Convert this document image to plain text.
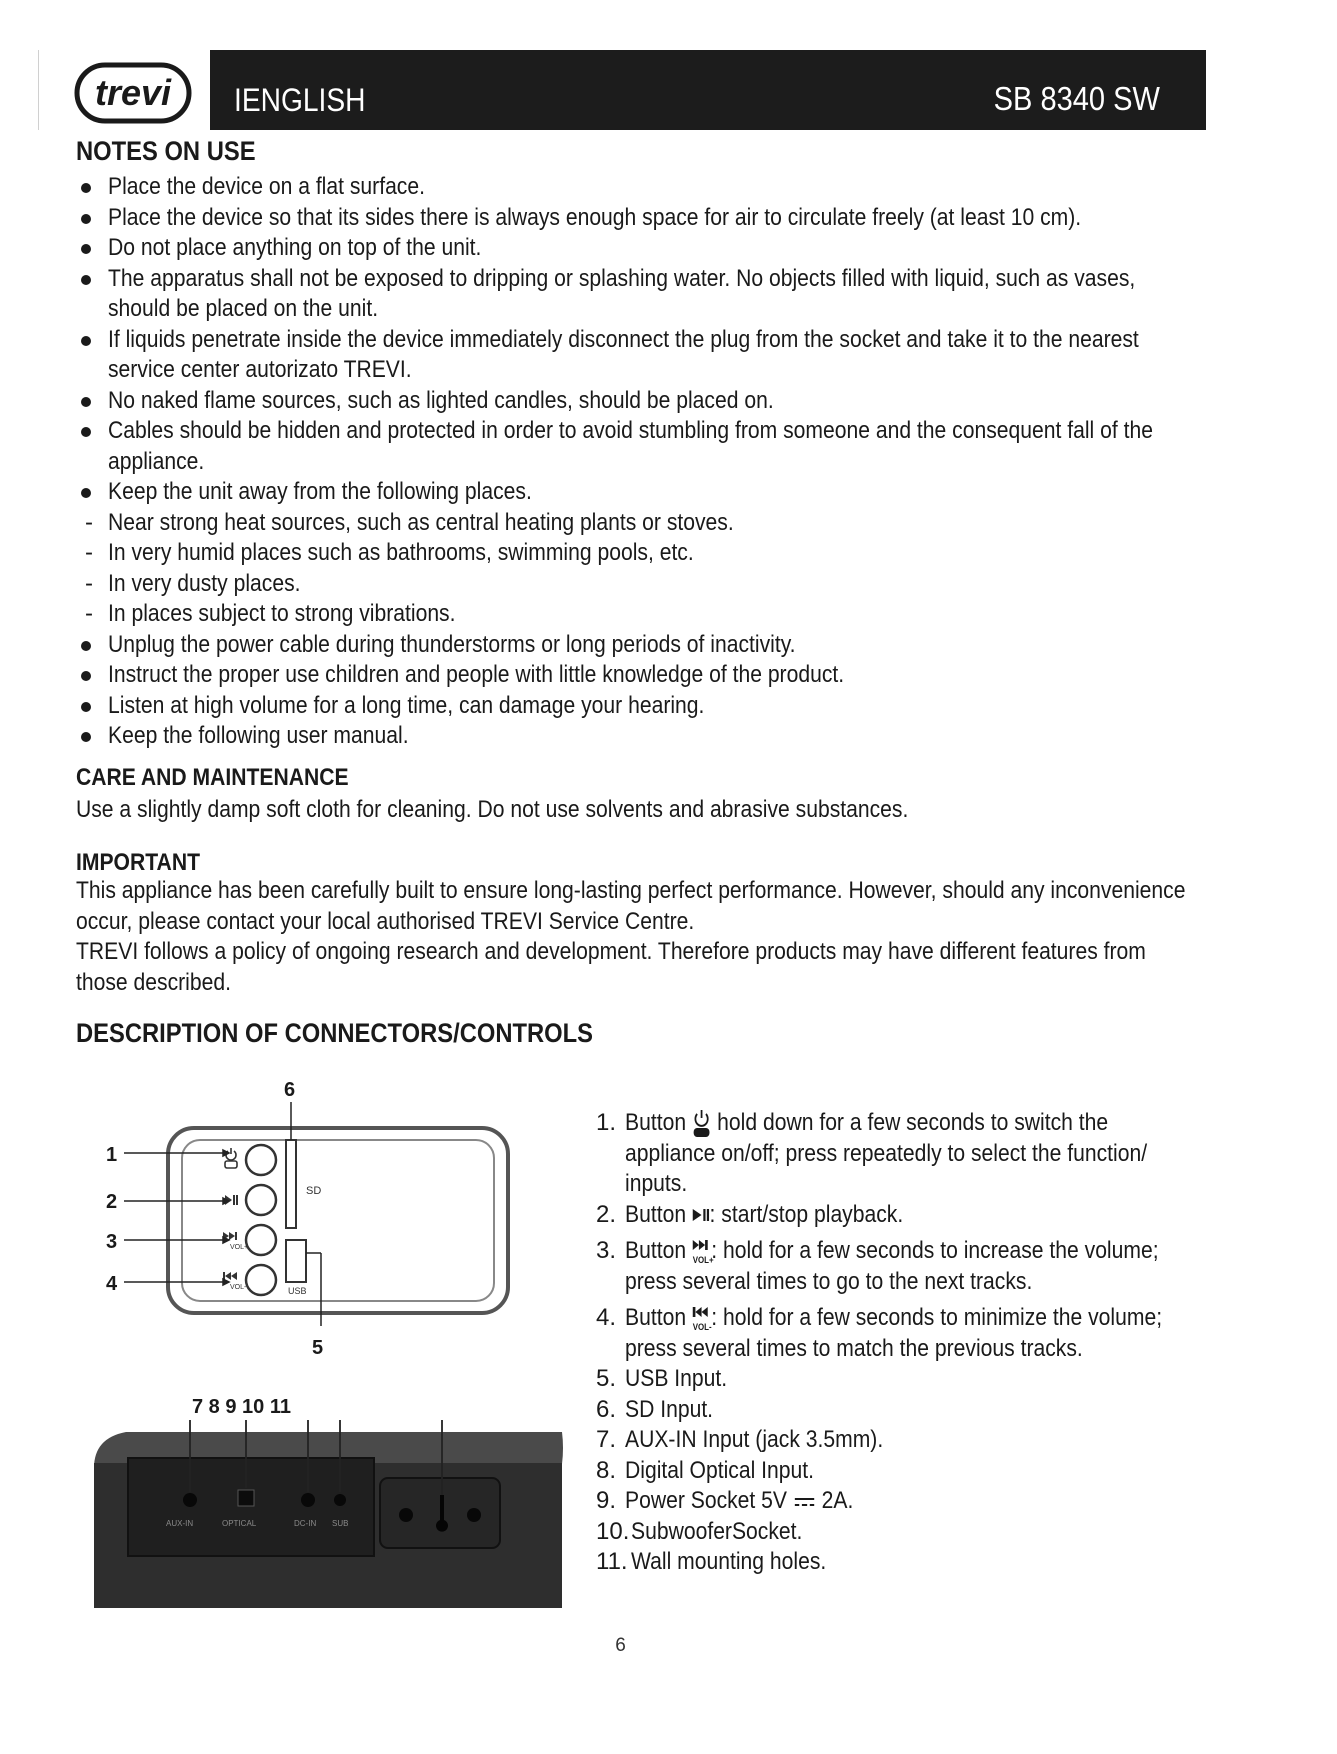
trevi IENGLISH	SB 8340 SW
NOTES ON USE
Place the device on a flat surface.
Place the device so that its sides there is always enough space for air to circulate freely (at least 10 cm).
Do not place anything on top of the unit.
The apparatus shall not be exposed to dripping or splashing water. No objects filled with liquid, such as vases,
should be placed on the unit.
If liquids penetrate inside the device immediately disconnect the plug from the socket and take it to the nearest
service center autorizato TREVI.
No naked flame sources, such as lighted candles, should be placed on.
Cables should be hidden and protected in order to avoid stumbling from someone and the consequent fall of the
appliance.
Keep the unit away from the following places.
- Near strong heat sources, such as central heating plants or stoves.
- In very humid places such as bathrooms, swimming pools, etc.
- In very dusty places.
- In places subject to strong vibrations.
Unplug the power cable during thunderstorms or long periods of inactivity.
Instruct the proper use children and people with little knowledge of the product.
Listen at high volume for a long time, can damage your hearing.
Keep the following user manual.
CARE AND MAINTENANCE
Use a slightly damp soft cloth for cleaning. Do not use solvents and abrasive substances.
IMPORTANT
This appliance has been carefully built to ensure long-lasting perfect performance. However, should any inconvenience
occur, please contact your local authorised TREVI Service Centre.
TREVI follows a policy of ongoing research and development. Therefore products may have different features from
those described.
DESCRIPTION OF CONNECTORS/CONTROLS
VOL+
VOL-
SD
USB
1
2
3
4
5
6
7 8 9 10 11
AUX-IN	OPTICAL	DC-IN SUB
1. Button hold down for a few seconds to switch the
appliance on/off; press repeatedly to select the function/
inputs.
2. Button : start/stop playback.
3. Button VOL+
: hold for a few seconds to increase the volume;
press several times to go to the next tracks.
4. Button VOL- : hold for a few seconds to minimize the volume;
press several times to match the previous tracks.
5. USB Input.
6. SD Input.
7. AUX-IN Input (jack 3.5mm).
8. Digital Optical Input.
9. Power Socket 5V 2A.
10. SubwooferSocket.
11. Wall mounting holes.
6
